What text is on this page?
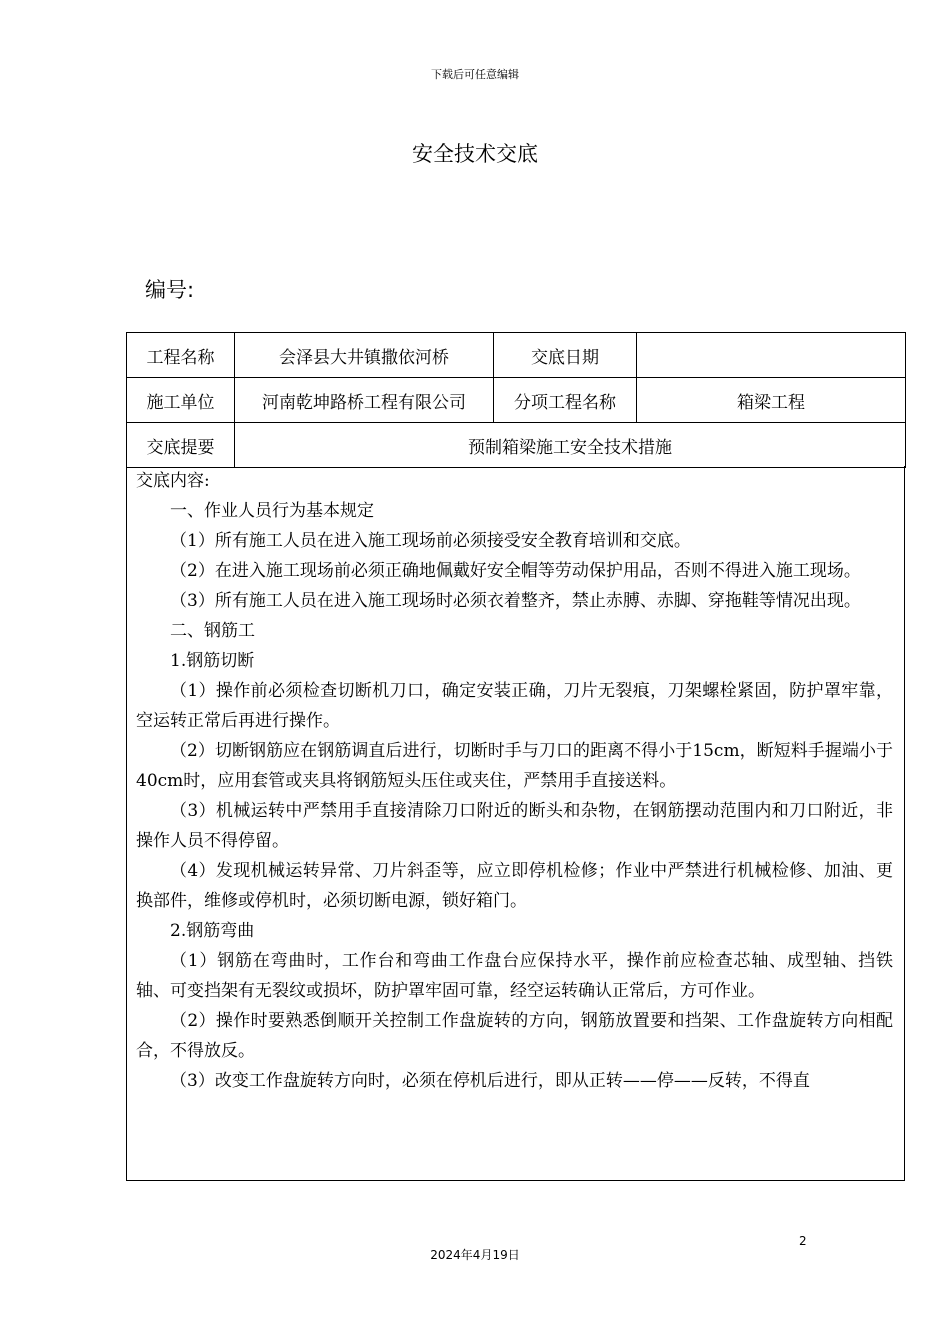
下载后可任意编辑
安全技术交底
编号:
工程名称	会泽县大井镇撒依河桥	交底日期	
施工单位	河南乾坤路桥工程有限公司	分项工程名称	箱梁工程
交底提要	预制箱梁施工安全技术措施		

交底内容:

一、作业人员行为基本规定

（1）所有施工人员在进入施工现场前必须接受安全教育培训和交底。

（2）在进入施工现场前必须正确地佩戴好安全帽等劳动保护用品，否则不得进入施工现场。

（3）所有施工人员在进入施工现场时必须衣着整齐，禁止赤膊、赤脚、穿拖鞋等情况出现。

二、钢筋工

1.钢筋切断

（1）操作前必须检查切断机刀口，确定安装正确，刀片无裂痕，刀架螺栓紧固，防护罩牢靠，空运转正常后再进行操作。

（2）切断钢筋应在钢筋调直后进行，切断时手与刀口的距离不得小于15cm，断短料手握端小于40cm时，应用套管或夹具将钢筋短头压住或夹住，严禁用手直接送料。

（3）机械运转中严禁用手直接清除刀口附近的断头和杂物，在钢筋摆动范围内和刀口附近，非操作人员不得停留。

（4）发现机械运转异常、刀片斜歪等，应立即停机检修；作业中严禁进行机械检修、加油、更换部件，维修或停机时，必须切断电源，锁好箱门。

2.钢筋弯曲

（1）钢筋在弯曲时，工作台和弯曲工作盘台应保持水平，操作前应检查芯轴、成型轴、挡铁轴、可变挡架有无裂纹或损坏，防护罩牢固可靠，经空运转确认正常后，方可作业。

（2）操作时要熟悉倒顺开关控制工作盘旋转的方向，钢筋放置要和挡架、工作盘旋转方向相配合，不得放反。

（3）改变工作盘旋转方向时，必须在停机后进行，即从正转——停——反转，不得直

2
2024年4月19日
